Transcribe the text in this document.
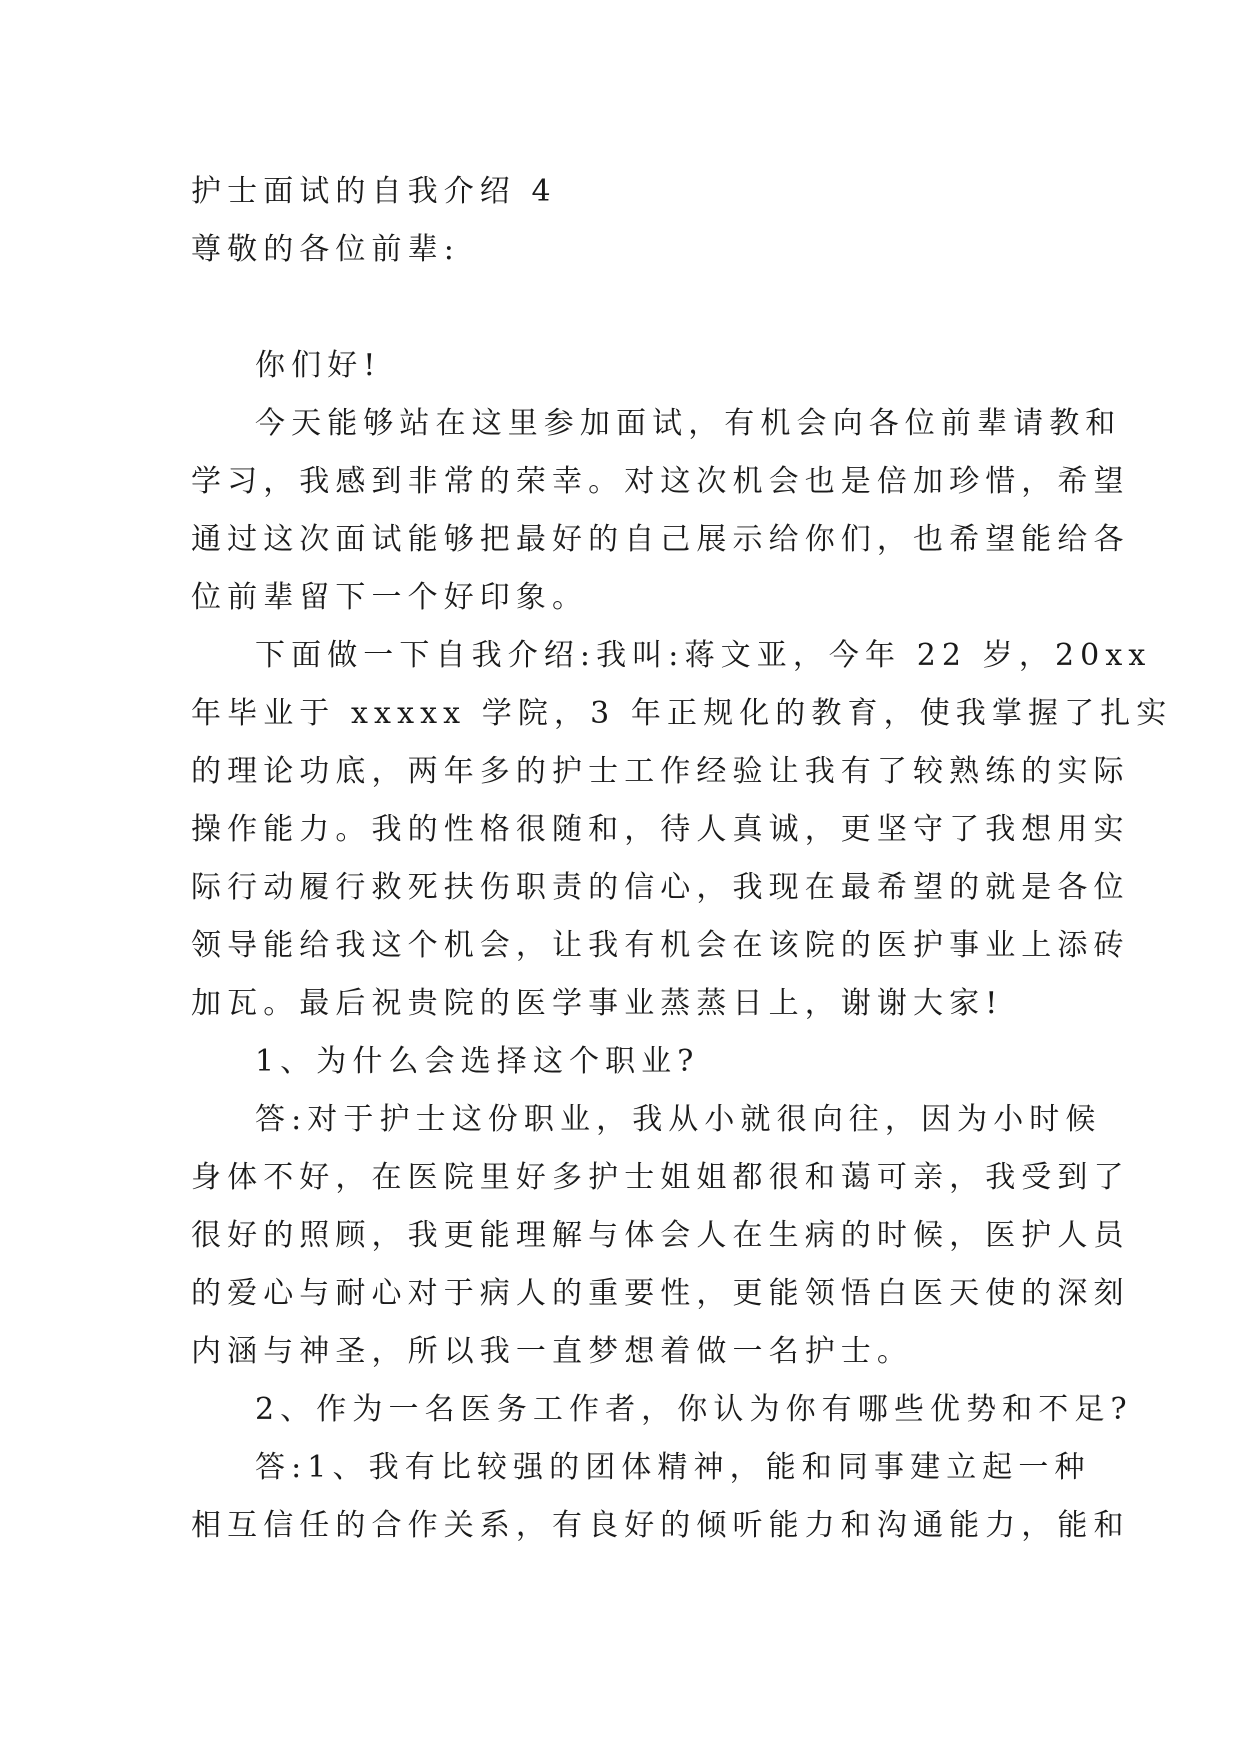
护士面试的自我介绍 4
尊敬的各位前辈:
你们好!
今天能够站在这里参加面试，有机会向各位前辈请教和
学习，我感到非常的荣幸。对这次机会也是倍加珍惜，希望
通过这次面试能够把最好的自己展示给你们，也希望能给各
位前辈留下一个好印象。
下面做一下自我介绍:我叫:蒋文亚，今年 22 岁，20xx
年毕业于 xxxxx 学院，3 年正规化的教育，使我掌握了扎实
的理论功底，两年多的护士工作经验让我有了较熟练的实际
操作能力。我的性格很随和，待人真诚，更坚守了我想用实
际行动履行救死扶伤职责的信心，我现在最希望的就是各位
领导能给我这个机会，让我有机会在该院的医护事业上添砖
加瓦。最后祝贵院的医学事业蒸蒸日上，谢谢大家!
1、为什么会选择这个职业?
答:对于护士这份职业，我从小就很向往，因为小时候
身体不好，在医院里好多护士姐姐都很和蔼可亲，我受到了
很好的照顾，我更能理解与体会人在生病的时候，医护人员
的爱心与耐心对于病人的重要性，更能领悟白医天使的深刻
内涵与神圣，所以我一直梦想着做一名护士。
2、作为一名医务工作者，你认为你有哪些优势和不足?
答:1、我有比较强的团体精神，能和同事建立起一种
相互信任的合作关系，有良好的倾听能力和沟通能力，能和
